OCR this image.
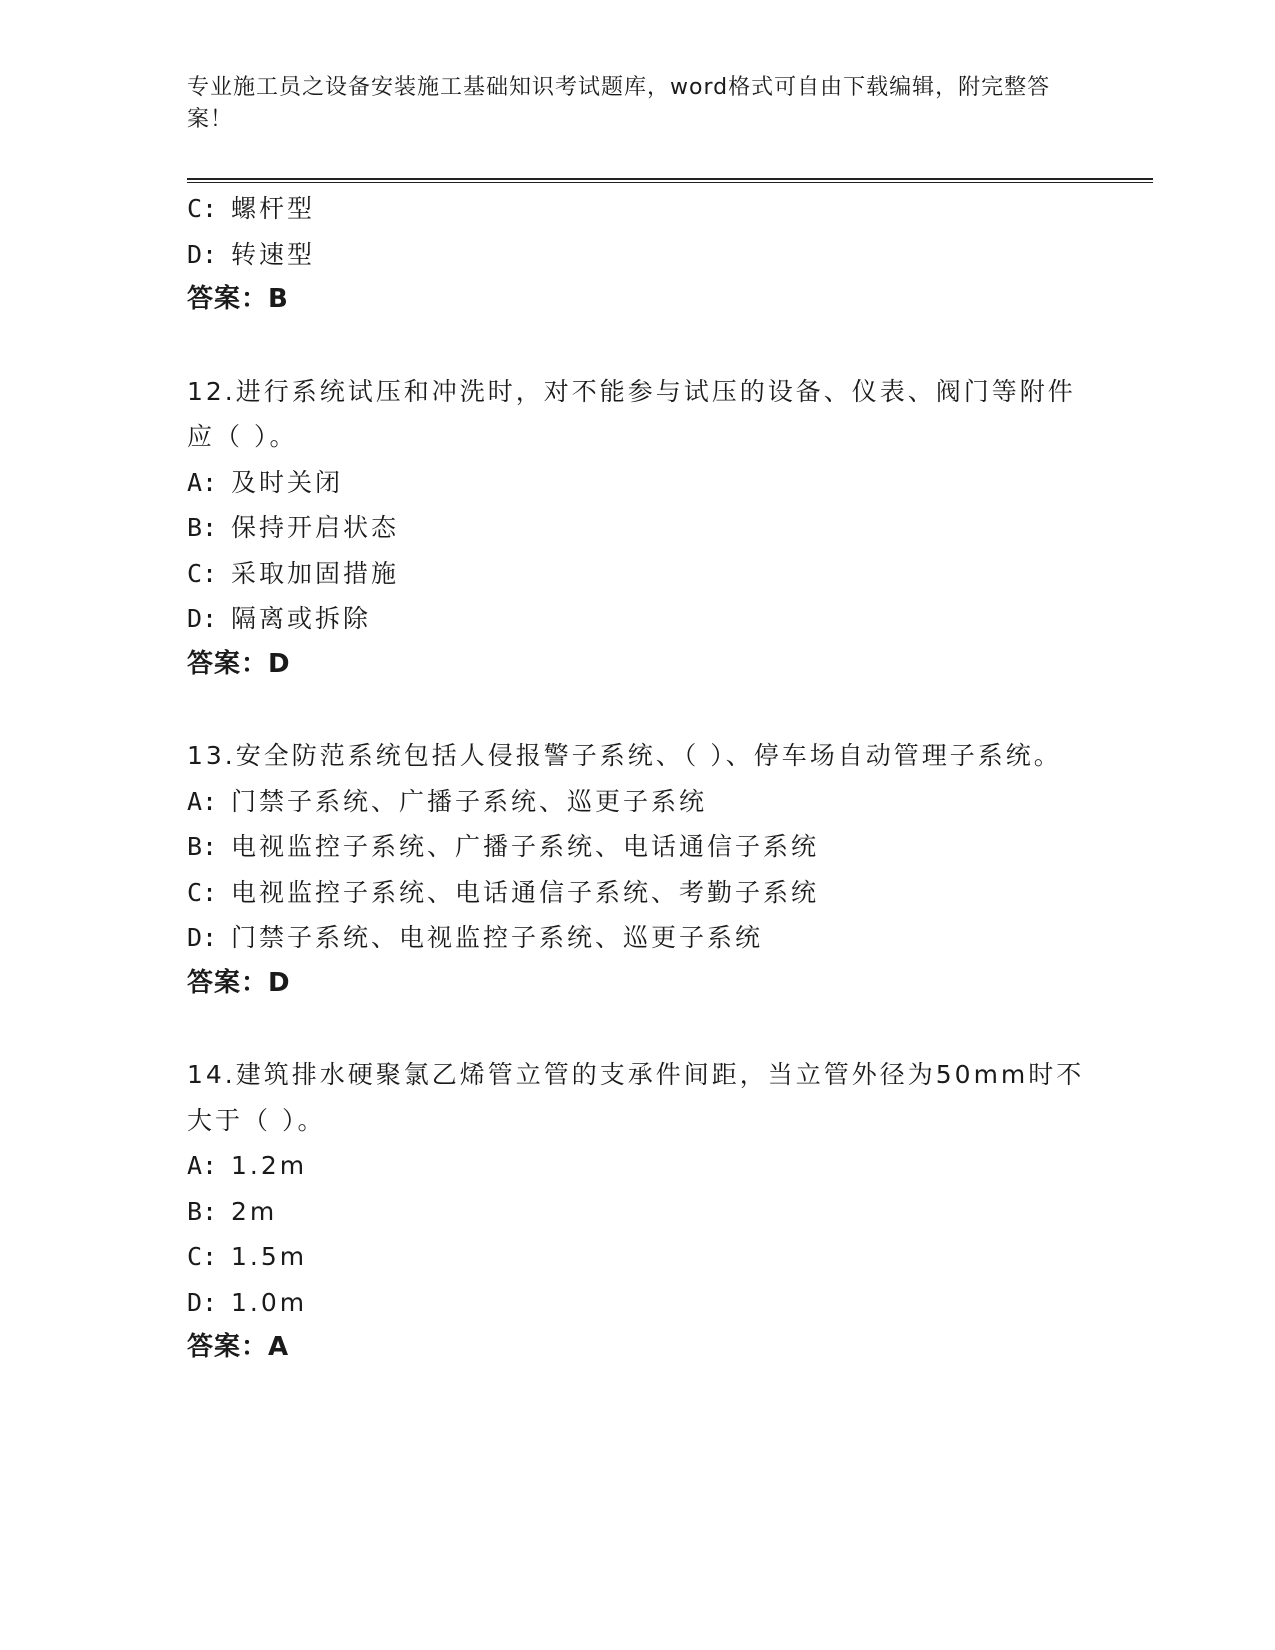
专业施工员之设备安装施工基础知识考试题库，word格式可自由下载编辑，附完整答案！
C: 螺杆型
D: 转速型
答案：B
12.进行系统试压和冲洗时，对不能参与试压的设备、仪表、阀门等附件应（ ）。
A: 及时关闭
B: 保持开启状态
C: 采取加固措施
D: 隔离或拆除
答案：D
13.安全防范系统包括人侵报警子系统、（ ）、停车场自动管理子系统。
A: 门禁子系统、广播子系统、巡更子系统
B: 电视监控子系统、广播子系统、电话通信子系统
C: 电视监控子系统、电话通信子系统、考勤子系统
D: 门禁子系统、电视监控子系统、巡更子系统
答案：D
14.建筑排水硬聚氯乙烯管立管的支承件间距，当立管外径为50mm时不大于（ ）。
A: 1.2m
B: 2m
C: 1.5m
D: 1.0m
答案：A
